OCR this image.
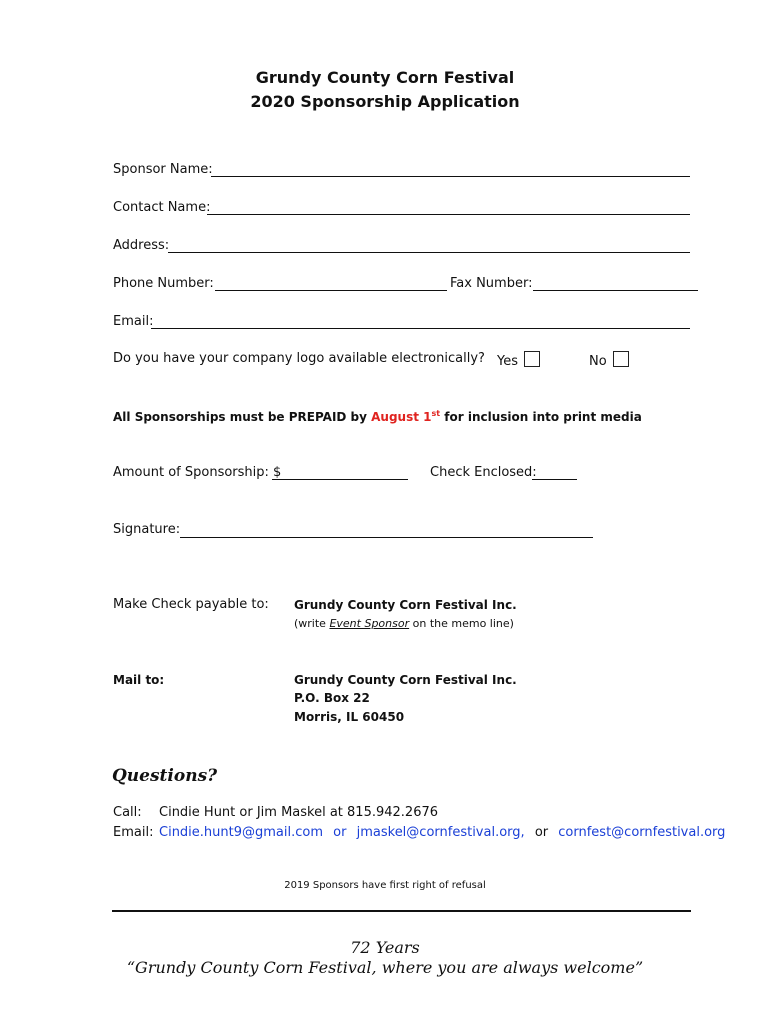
Grundy County Corn Festival
2020 Sponsorship Application
Sponsor Name:
Contact Name:
Address:
Phone Number:	Fax Number:
Email:
Do you have your company logo available electronically? Yes	No
All Sponsorships must be PREPAID by August 1st for inclusion into print media
Amount of Sponsorship: $	Check Enclosed:
Signature:
Make Check payable to: Grundy County Corn Festival Inc.
(write Event Sponsor on the memo line)
Mail to:	Grundy County Corn Festival Inc.
P.O. Box 22
Morris, IL 60450
Questions?
Call: Cindie Hunt or Jim Maskel at 815.942.2676
Email: Cindie.hunt9@gmail.com or jmaskel@cornfestival.org, or cornfest@cornfestival.org
2019 Sponsors have first right of refusal
72 Years
“Grundy County Corn Festival, where you are always welcome”
